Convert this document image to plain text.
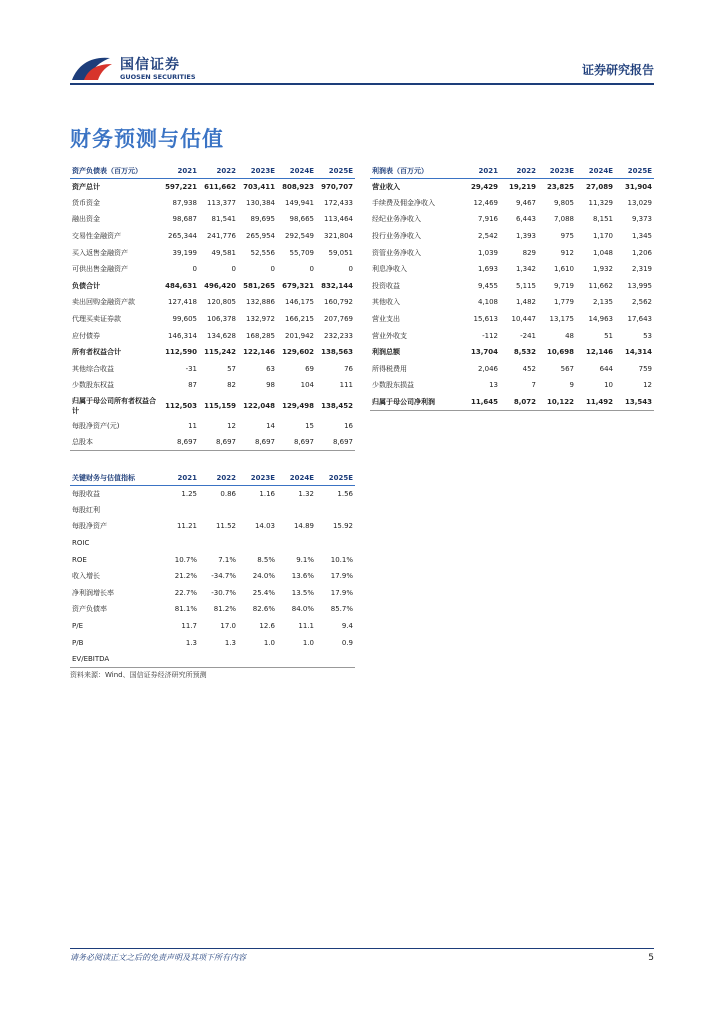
国信证券
GUOSEN SECURITIES	证券研究报告
财务预测与估值
资产负债表（百万元）	2021	2022	2023E	2024E	2025E
资产总计	597,221	611,662	703,411	808,923	970,707
货币资金	87,938	113,377	130,384	149,941	172,433
融出资金	98,687	81,541	89,695	98,665	113,464
交易性金融资产	265,344	241,776	265,954	292,549	321,804
买入返售金融资产	39,199	49,581	52,556	55,709	59,051
可供出售金融资产	0	0	0	0	0
负债合计	484,631	496,420	581,265	679,321	832,144
卖出回购金融资产款	127,418	120,805	132,886	146,175	160,792
代理买卖证券款	99,605	106,378	132,972	166,215	207,769
应付债券	146,314	134,628	168,285	201,942	232,233
所有者权益合计	112,590	115,242	122,146	129,602	138,563
其他综合收益	-31	57	63	69	76
少数股东权益	87	82	98	104	111
归属于母公司所有者权益合计	112,503	115,159	122,048	129,498	138,452
每股净资产(元)	11	12	14	15	16
总股本	8,697	8,697	8,697	8,697	8,697
利润表（百万元）	2021	2022	2023E	2024E	2025E
营业收入	29,429	19,219	23,825	27,089	31,904
手续费及佣金净收入	12,469	9,467	9,805	11,329	13,029
经纪业务净收入	7,916	6,443	7,088	8,151	9,373
投行业务净收入	2,542	1,393	975	1,170	1,345
资管业务净收入	1,039	829	912	1,048	1,206
利息净收入	1,693	1,342	1,610	1,932	2,319
投资收益	9,455	5,115	9,719	11,662	13,995
其他收入	4,108	1,482	1,779	2,135	2,562
营业支出	15,613	10,447	13,175	14,963	17,643
营业外收支	-112	-241	48	51	53
利润总额	13,704	8,532	10,698	12,146	14,314
所得税费用	2,046	452	567	644	759
少数股东损益	13	7	9	10	12
归属于母公司净利润	11,645	8,072	10,122	11,492	13,543
关键财务与估值指标	2021	2022	2023E	2024E	2025E
每股收益	1.25	0.86	1.16	1.32	1.56
每股红利					
每股净资产	11.21	11.52	14.03	14.89	15.92
ROIC					
ROE	10.7%	7.1%	8.5%	9.1%	10.1%
收入增长	21.2%	-34.7%	24.0%	13.6%	17.9%
净利润增长率	22.7%	-30.7%	25.4%	13.5%	17.9%
资产负债率	81.1%	81.2%	82.6%	84.0%	85.7%
P/E	11.7	17.0	12.6	11.1	9.4
P/B	1.3	1.3	1.0	1.0	0.9
EV/EBITDA					
资料来源：Wind、国信证券经济研究所预测
请务必阅读正文之后的免责声明及其项下所有内容	5
